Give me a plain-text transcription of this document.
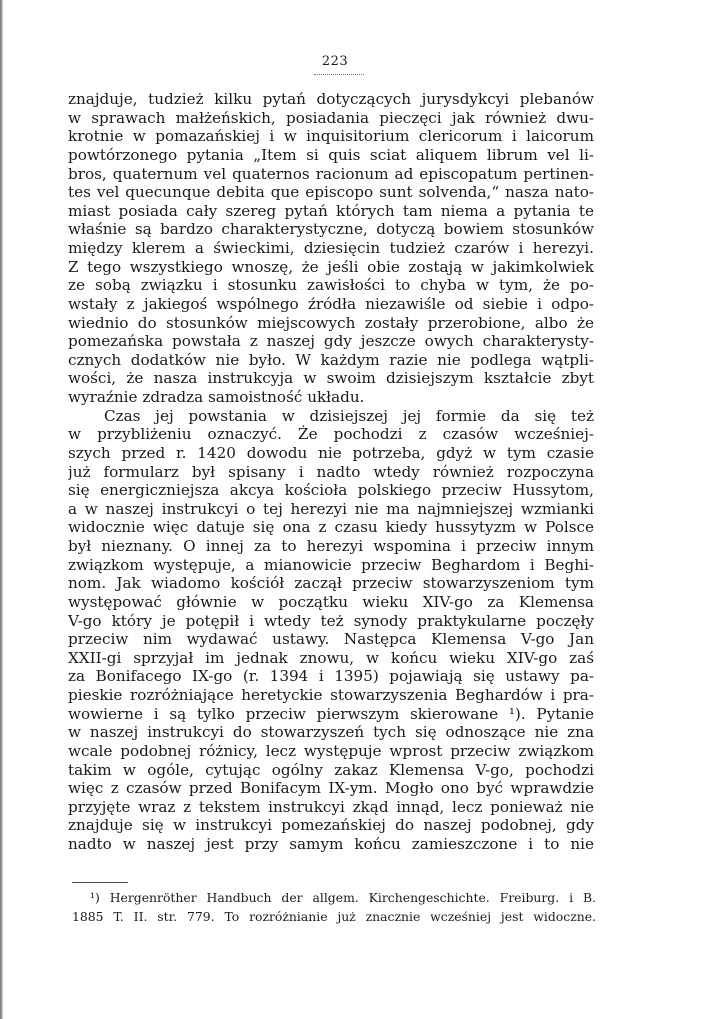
223
znajduje, tudzież kilku pytań dotyczących jurysdykcyi plebanów
w sprawach małżeńskich, posiadania pieczęci jak również dwu-
krotnie w pomazańskiej i w inquisitorium clericorum i laicorum
powtórzonego pytania „Item si quis sciat aliquem librum vel li-
bros, quaternum vel quaternos racionum ad episcopatum pertinen-
tes vel quecunque debita que episcopo sunt solvenda,“ nasza nato-
miast posiada cały szereg pytań których tam niema a pytania te
właśnie są bardzo charakterystyczne, dotyczą bowiem stosunków
między klerem a świeckimi, dziesięcin tudzież czarów i herezyi.
Z tego wszystkiego wnoszę, że jeśli obie zostają w jakimkolwiek
ze sobą związku i stosunku zawisłości to chyba w tym, że po-
wstały z jakiegoś wspólnego źródła niezawiśle od siebie i odpo-
wiednio do stosunków miejscowych zostały przerobione, albo że
pomezańska powstała z naszej gdy jeszcze owych charakterysty-
cznych dodatków nie było. W każdym razie nie podlega wątpli-
wości, że nasza instrukcyja w swoim dzisiejszym kształcie zbyt
wyraźnie zdradza samoistność układu.
Czas jej powstania w dzisiejszej jej formie da się też
w przybliżeniu oznaczyć. Że pochodzi z czasów wcześniej-
szych przed r. 1420 dowodu nie potrzeba, gdyż w tym czasie
już formularz był spisany i nadto wtedy również rozpoczyna
się energiczniejsza akcya kościoła polskiego przeciw Hussytom,
a w naszej instrukcyi o tej herezyi nie ma najmniejszej wzmianki
widocznie więc datuje się ona z czasu kiedy hussytyzm w Polsce
był nieznany. O innej za to herezyi wspomina i przeciw innym
związkom występuje, a mianowicie przeciw Beghardom i Beghi-
nom. Jak wiadomo kościół zaczął przeciw stowarzyszeniom tym
występować głównie w początku wieku XIV-go za Klemensa
V-go który je potępił i wtedy też synody praktykularne poczęły
przeciw nim wydawać ustawy. Następca Klemensa V-go Jan
XXII-gi sprzyjał im jednak znowu, w końcu wieku XIV-go zaś
za Bonifacego IX-go (r. 1394 i 1395) pojawiają się ustawy pa-
pieskie rozróżniające heretyckie stowarzyszenia Beghardów i pra-
wowierne i są tylko przeciw pierwszym skierowane ¹). Pytanie
w naszej instrukcyi do stowarzyszeń tych się odnoszące nie zna
wcale podobnej różnicy, lecz występuje wprost przeciw związkom
takim w ogóle, cytując ogólny zakaz Klemensa V-go, pochodzi
więc z czasów przed Bonifacym IX-ym. Mogło ono być wprawdzie
przyjęte wraz z tekstem instrukcyi zkąd innąd, lecz ponieważ nie
znajduje się w instrukcyi pomezańskiej do naszej podobnej, gdy
nadto w naszej jest przy samym końcu zamieszczone i to nie
¹) Hergenröther Handbuch der allgem. Kirchengeschichte. Freiburg. i B.
1885 T. II. str. 779. To rozróżnianie już znacznie wcześniej jest widoczne.
